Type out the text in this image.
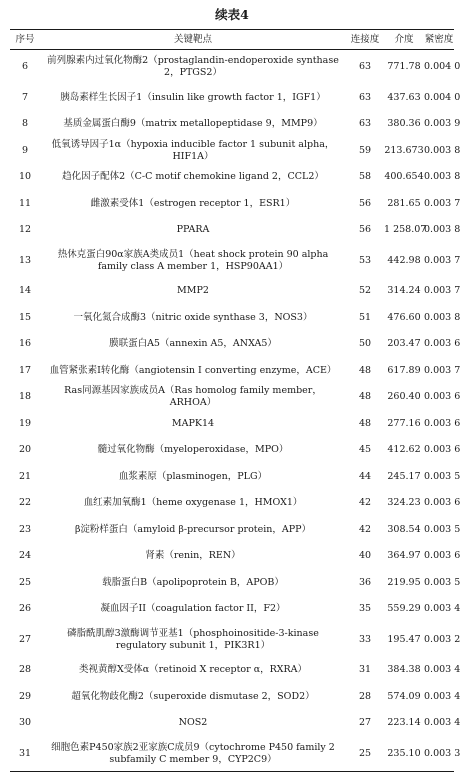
续表4
序号	关键靶点	连接度	介度	紧密度
6	前列腺素内过氧化物酶2（prostaglandin-endoperoxide synthase 2，PTGS2）	63	771.78	0.004 0
7	胰岛素样生长因子1（insulin like growth factor 1，IGF1）	63	437.63	0.004 0
8	基质金属蛋白酶9（matrix metallopeptidase 9，MMP9）	63	380.36	0.003 9
9	低氧诱导因子1α（hypoxia inducible factor 1 subunit alpha，HIF1A）	59	213.673	0.003 8
10	趋化因子配体2（C-C motif chemokine ligand 2，CCL2）	58	400.654	0.003 8
11	雌激素受体1（estrogen receptor 1，ESR1）	56	281.65	0.003 7
12	PPARA	56	1 258.07	0.003 8
13	热休克蛋白90α家族A类成员1（heat shock protein 90 alpha family class A member 1，HSP90AA1）	53	442.98	0.003 7
14	MMP2	52	314.24	0.003 7
15	一氧化氮合成酶3（nitric oxide synthase 3，NOS3）	51	476.60	0.003 8
16	膜联蛋白A5（annexin A5，ANXA5）	50	203.47	0.003 6
17	血管紧张素Ⅰ转化酶（angiotensin I converting enzyme，ACE）	48	617.89	0.003 7
18	Ras同源基因家族成员A（Ras homolog family member，ARHOA）	48	260.40	0.003 6
19	MAPK14	48	277.16	0.003 6
20	髓过氧化物酶（myeloperoxidase，MPO）	45	412.62	0.003 6
21	血浆素原（plasminogen，PLG）	44	245.17	0.003 5
22	血红素加氧酶1（heme oxygenase 1，HMOX1）	42	324.23	0.003 6
23	β淀粉样蛋白（amyloid β-precursor protein，APP）	42	308.54	0.003 5
24	肾素（renin，REN）	40	364.97	0.003 6
25	载脂蛋白B（apolipoprotein B，APOB）	36	219.95	0.003 5
26	凝血因子II（coagulation factor II，F2）	35	559.29	0.003 4
27	磷脂酰肌醇3激酶调节亚基1（phosphoinositide-3-kinase regulatory subunit 1，PIK3R1）	33	195.47	0.003 2
28	类视黄醇X受体α（retinoid X receptor α，RXRA）	31	384.38	0.003 4
29	超氧化物歧化酶2（superoxide dismutase 2，SOD2）	28	574.09	0.003 4
30	NOS2	27	223.14	0.003 4
31	细胞色素P450家族2亚家族C成员9（cytochrome P450 family 2 subfamily C member 9，CYP2C9）	25	235.10	0.003 3
